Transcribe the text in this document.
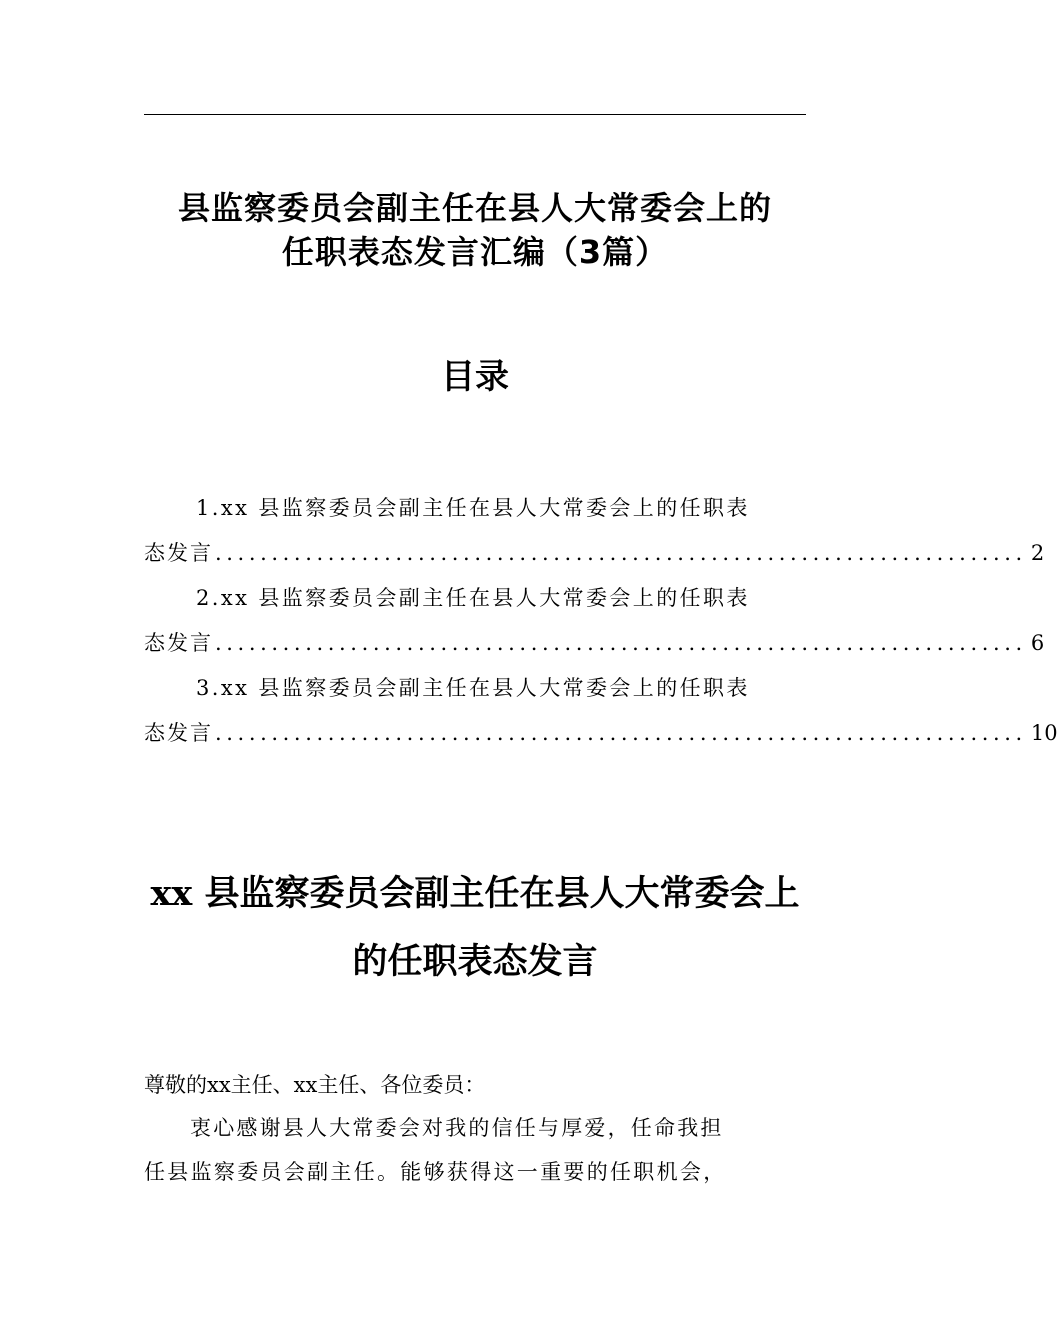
县监察委员会副主任在县人大常委会上的
任职表态发言汇编（3篇）
目录
1.xx 县监察委员会副主任在县人大常委会上的任职表
态发言 ........................................................................ 2
2.xx 县监察委员会副主任在县人大常委会上的任职表
态发言 ........................................................................ 6
3.xx 县监察委员会副主任在县人大常委会上的任职表
态发言 ........................................................................ 10
xx 县监察委员会副主任在县人大常委会上
的任职表态发言
尊敬的xx主任、xx主任、各位委员：
衷心感谢县人大常委会对我的信任与厚爱，任命我担
任县监察委员会副主任。能够获得这一重要的任职机会，
